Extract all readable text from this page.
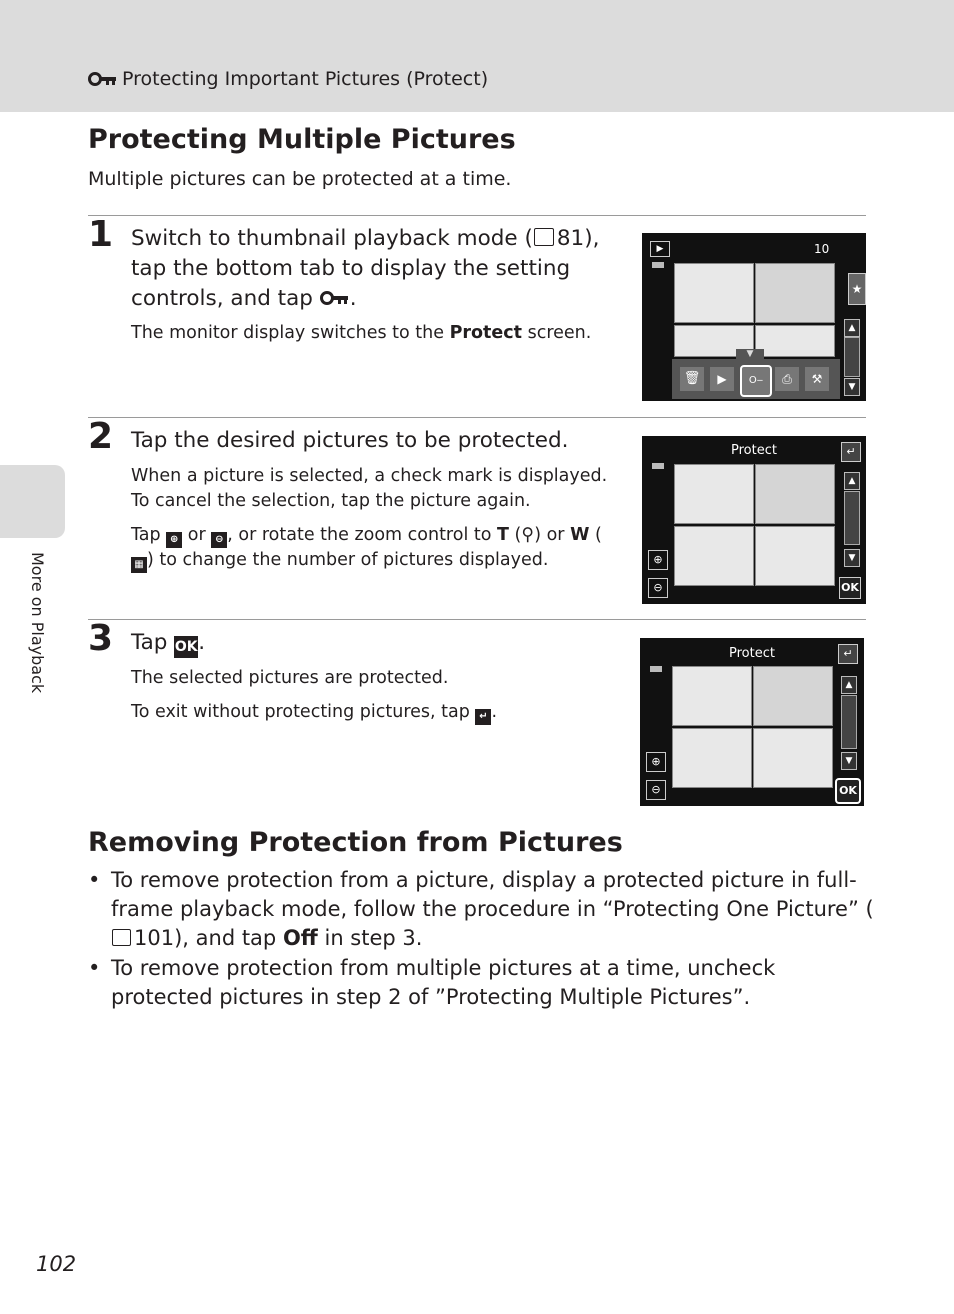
Protecting Important Pictures (Protect)
More on Playback
Protecting Multiple Pictures
Multiple pictures can be protected at a time.
1 Switch to thumbnail playback mode ( 81), tap the bottom tab to display the setting controls, and tap .
The monitor display switches to the Protect screen.
▶	10
★
▲
▼
▼
🗑	▶	O‒	⎙	⚒
2 Tap the desired pictures to be protected.
When a picture is selected, a check mark is displayed. To cancel the selection, tap the picture again.
Tap ⊕ or ⊖ , or rotate the zoom control to T (⚲) or W (▦ ) to change the number of pictures displayed.
Protect	↵
▲
▼
⊕
⊖	OK
3 Tap OK.
The selected pictures are protected.
To exit without protecting pictures, tap ↵ .
Protect	↵
▲
▼
⊕
⊖	OK
Removing Protection from Pictures
• To remove protection from a picture, display a protected picture in full-frame playback mode, follow the procedure in “Protecting One Picture” (101), and tap Off in step 3.
• To remove protection from multiple pictures at a time, uncheck protected pictures in step 2 of ”Protecting Multiple Pictures”.
102
